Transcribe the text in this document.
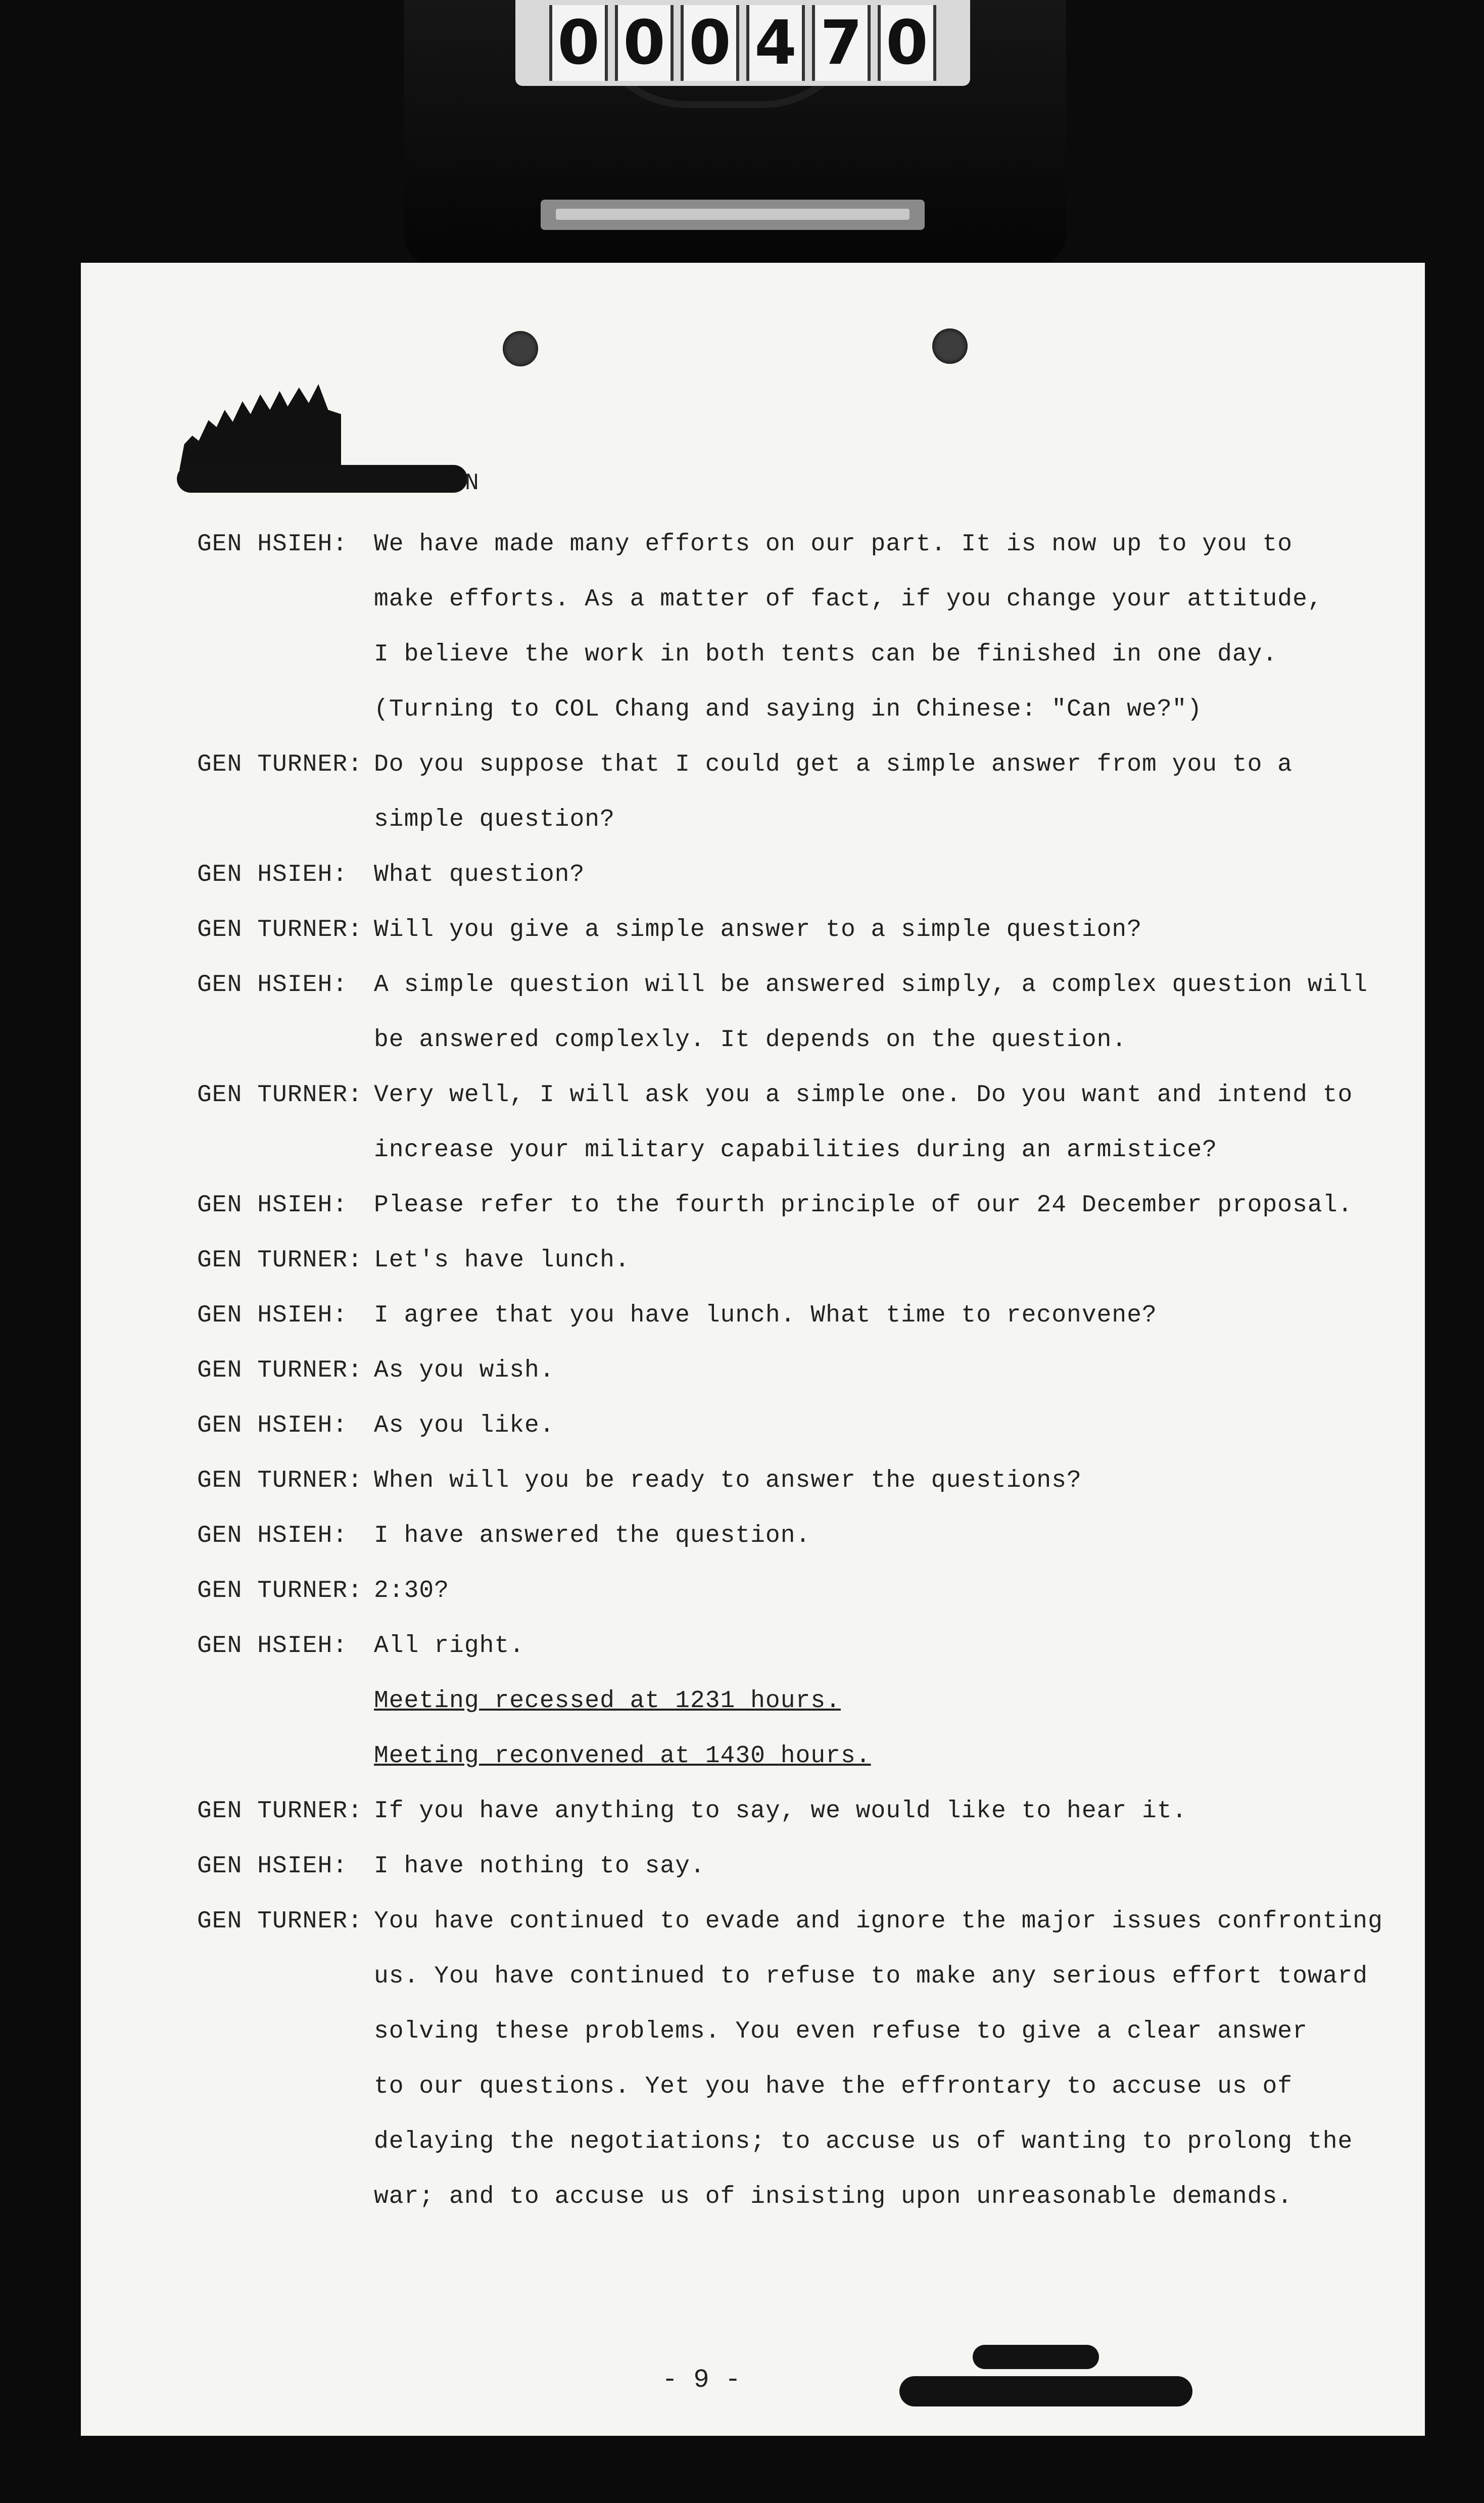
0 0 0 4 7 0
N
GEN HSIEH:	We have made many efforts on our part. It is now up to you to
make efforts. As a matter of fact, if you change your attitude,
I believe the work in both tents can be finished in one day.
(Turning to COL Chang and saying in Chinese: "Can we?")
GEN TURNER: Do you suppose that I could get a simple answer from you to a
simple question?
GEN HSIEH:	What question?
GEN TURNER: Will you give a simple answer to a simple question?
GEN HSIEH:	A simple question will be answered simply, a complex question will
be answered complexly. It depends on the question.
GEN TURNER: Very well, I will ask you a simple one. Do you want and intend to
increase your military capabilities during an armistice?
GEN HSIEH:	Please refer to the fourth principle of our 24 December proposal.
GEN TURNER: Let's have lunch.
GEN HSIEH:	I agree that you have lunch. What time to reconvene?
GEN TURNER: As you wish.
GEN HSIEH:	As you like.
GEN TURNER: When will you be ready to answer the questions?
GEN HSIEH:	I have answered the question.
GEN TURNER: 2:30?
GEN HSIEH:	All right.
Meeting recessed at 1231 hours.
Meeting reconvened at 1430 hours.
GEN TURNER: If you have anything to say, we would like to hear it.
GEN HSIEH:	I have nothing to say.
GEN TURNER: You have continued to evade and ignore the major issues confronting
us. You have continued to refuse to make any serious effort toward
solving these problems. You even refuse to give a clear answer
to our questions. Yet you have the effrontary to accuse us of
delaying the negotiations; to accuse us of wanting to prolong the
war; and to accuse us of insisting upon unreasonable demands.
- 9 -
